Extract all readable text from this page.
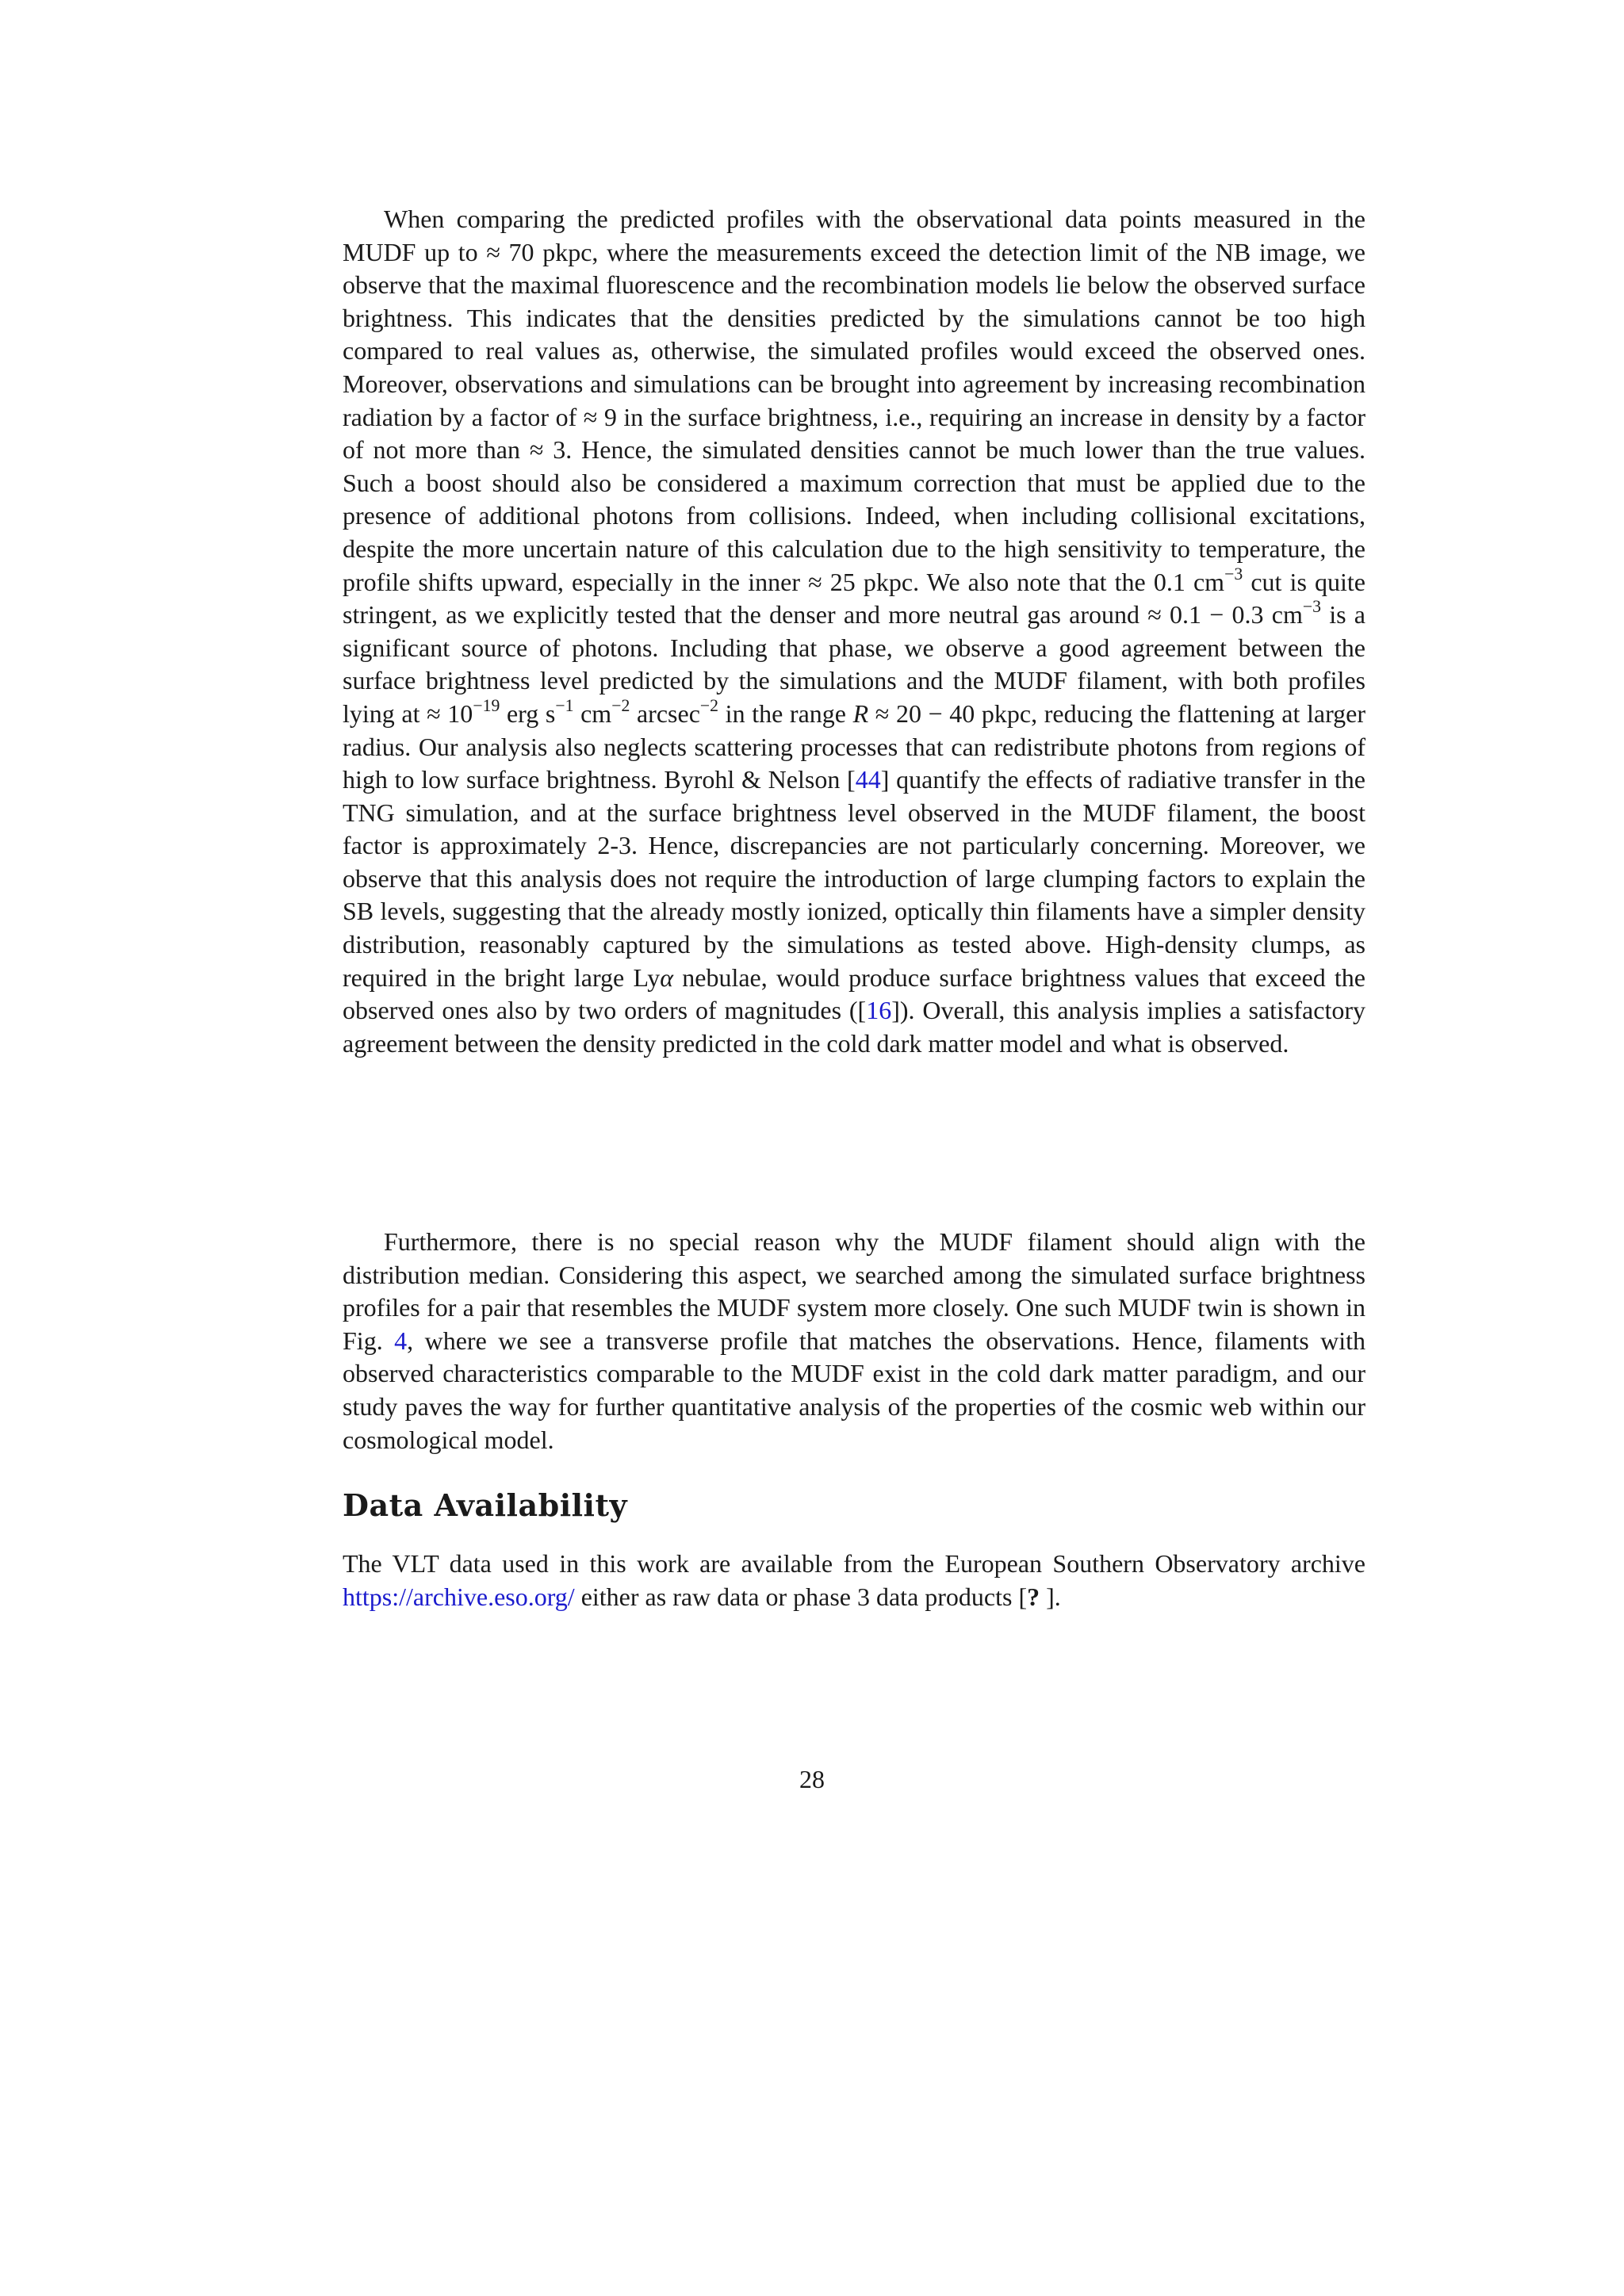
When comparing the predicted profiles with the observational data points measured in the MUDF up to ≈ 70 pkpc, where the measurements exceed the detection limit of the NB image, we observe that the maximal fluorescence and the recombination models lie below the observed surface brightness. This indicates that the densities predicted by the simulations cannot be too high compared to real values as, otherwise, the simulated profiles would exceed the observed ones. Moreover, observations and simulations can be brought into agreement by increasing recombination radiation by a factor of ≈ 9 in the surface brightness, i.e., requiring an increase in density by a factor of not more than ≈ 3. Hence, the simulated densities cannot be much lower than the true values. Such a boost should also be considered a maximum correction that must be applied due to the presence of additional photons from collisions. Indeed, when including collisional excitations, despite the more uncertain nature of this calculation due to the high sensitivity to temperature, the profile shifts upward, especially in the inner ≈ 25 pkpc. We also note that the 0.1 $cm^{-3}$ cut is quite stringent, as we explicitly tested that the denser and more neutral gas around ≈ 0.1 − 0.3 $cm^{-3}$ is a significant source of photons. Including that phase, we observe a good agreement between the surface brightness level predicted by the simulations and the MUDF filament, with both profiles lying at ≈ $10^{-19}$ erg $s^{-1}$ $cm^{-2}$ arcsec$^{-2}$ in the range R ≈ 20 − 40 pkpc, reducing the flattening at larger radius. Our analysis also neglects scattering processes that can redistribute photons from regions of high to low surface brightness. Byrohl & Nelson [44] quantify the effects of radiative transfer in the TNG simulation, and at the surface brightness level observed in the MUDF filament, the boost factor is approximately 2-3. Hence, discrepancies are not particularly concerning. Moreover, we observe that this analysis does not require the introduction of large clumping factors to explain the SB levels, suggesting that the already mostly ionized, optically thin filaments have a simpler density distribution, reasonably captured by the simulations as tested above. High-density clumps, as required in the bright large Lyα nebulae, would produce surface brightness values that exceed the observed ones also by two orders of magnitudes ([16]). Overall, this analysis implies a satisfactory agreement between the density predicted in the cold dark matter model and what is observed.

Furthermore, there is no special reason why the MUDF filament should align with the distribution median. Considering this aspect, we searched among the simulated surface brightness profiles for a pair that resembles the MUDF system more closely. One such MUDF twin is shown in Fig. 4, where we see a transverse profile that matches the observations. Hence, filaments with observed characteristics comparable to the MUDF exist in the cold dark matter paradigm, and our study paves the way for further quantitative analysis of the properties of the cosmic web within our cosmological model.

Data Availability

The VLT data used in this work are available from the European Southern Observatory archive https://archive.eso.org/ either as raw data or phase 3 data products [? ].

28
